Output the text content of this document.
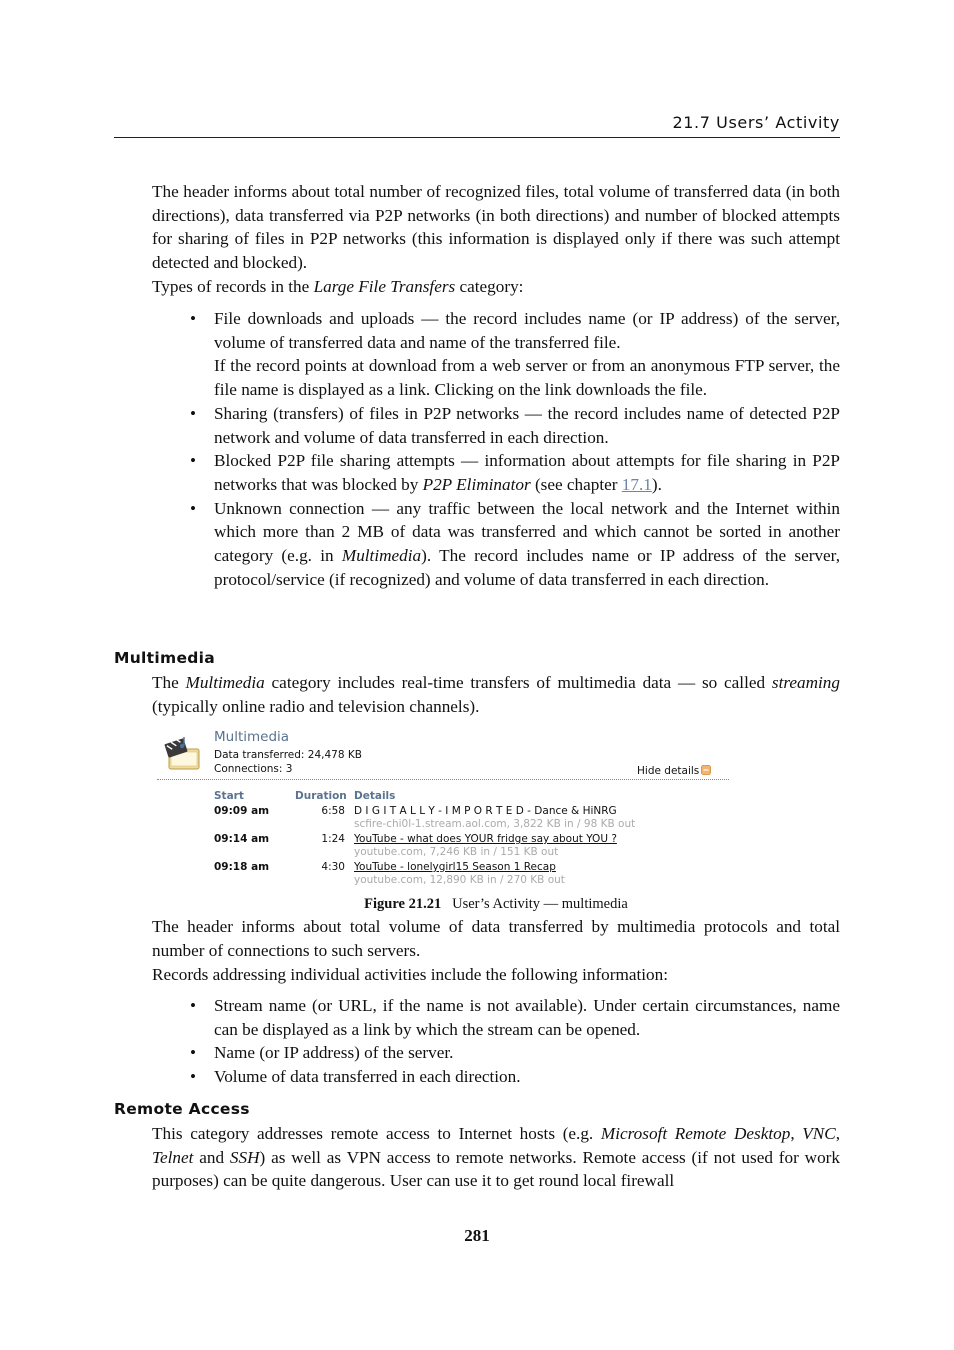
21.7 Users’ Activity

The header informs about total number of recognized files, total volume of transferred data (in both directions), data transferred via P2P networks (in both directions) and number of blocked attempts for sharing of files in P2P networks (this information is displayed only if there was such attempt detected and blocked).

Types of records in the Large File Transfers category:

• File downloads and uploads — the record includes name (or IP address) of the server, volume of transferred data and name of the transferred file.
If the record points at download from a web server or from an anonymous FTP server, the file name is displayed as a link. Clicking on the link downloads the file.
• Sharing (transfers) of files in P2P networks — the record includes name of detected P2P network and volume of data transferred in each direction.
• Blocked P2P file sharing attempts — information about attempts for file sharing in P2P networks that was blocked by P2P Eliminator (see chapter 17.1).
• Unknown connection — any traffic between the local network and the Internet within which more than 2 MB of data was transferred and which cannot be sorted in another category (e.g. in Multimedia). The record includes name or IP address of the server, protocol/service (if recognized) and volume of data transferred in each direction.
Multimedia

The Multimedia category includes real-time transfers of multimedia data — so called streaming (typically online radio and television channels).

Multimedia
Data transferred: 24,478 KB
Connections: 3	Hide details
Start	Duration Details
09:09 am	6:58 D I G I T A L L Y - I M P O R T E D - Dance & HiNRG
scfire-chi0l-1.stream.aol.com, 3,822 KB in / 98 KB out
09:14 am	1:24 YouTube - what does YOUR fridge say about YOU ?
youtube.com, 7,246 KB in / 151 KB out
09:18 am	4:30 YouTube - lonelygirl15 Season 1 Recap
youtube.com, 12,890 KB in / 270 KB out
Figure 21.21 User’s Activity — multimedia

The header informs about total volume of data transferred by multimedia protocols and total number of connections to such servers.

Records addressing individual activities include the following information:

• Stream name (or URL, if the name is not available). Under certain circumstances, name can be displayed as a link by which the stream can be opened.
• Name (or IP address) of the server.
• Volume of data transferred in each direction.
Remote Access

This category addresses remote access to Internet hosts (e.g. Microsoft Remote Desktop, VNC, Telnet and SSH) as well as VPN access to remote networks. Remote access (if not used for work purposes) can be quite dangerous. User can use it to get round local firewall

281
